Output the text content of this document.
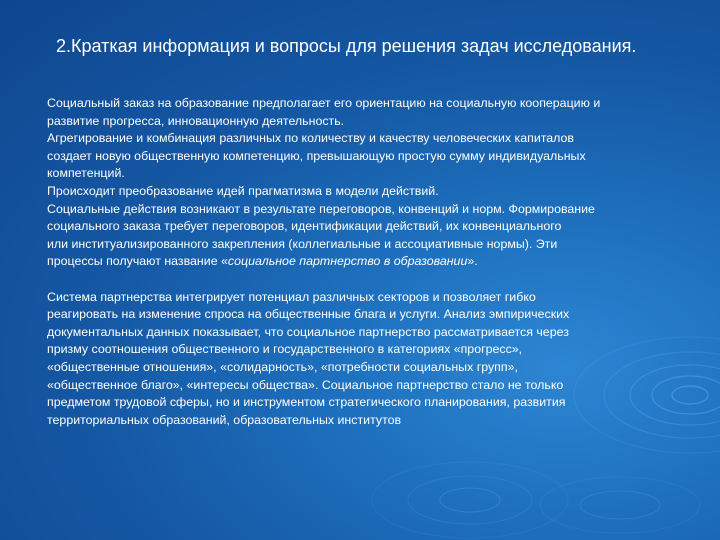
2.Краткая информация и вопросы для решения задач исследования.

Социальный заказ на образование предполагает его ориентацию на социальную кооперацию и
развитие прогресса, инновационную деятельность.

Агрегирование и комбинация различных по количеству и качеству человеческих капиталов
создает новую общественную компетенцию, превышающую простую сумму индивидуальных
компетенций.

Происходит преобразование идей прагматизма в модели действий.

Социальные действия возникают в результате переговоров, конвенций и норм. Формирование
социального заказа требует переговоров, идентификации действий, их конвенциального
или институализированного закрепления (коллегиальные и ассоциативные нормы). Эти
процессы получают название «социальное партнерство в образовании».

Система партнерства интегрирует потенциал различных секторов и позволяет гибко
реагировать на изменение спроса на общественные блага и услуги. Анализ эмпирических
документальных данных показывает, что социальное партнерство рассматривается через
призму соотношения общественного и государственного в категориях «прогресс»,
«общественные отношения», «солидарность», «потребности социальных групп»,
«общественное благо», «интересы общества». Социальное партнерство стало не только
предметом трудовой сферы, но и инструментом стратегического планирования, развития
территориальных образований, образовательных институтов
